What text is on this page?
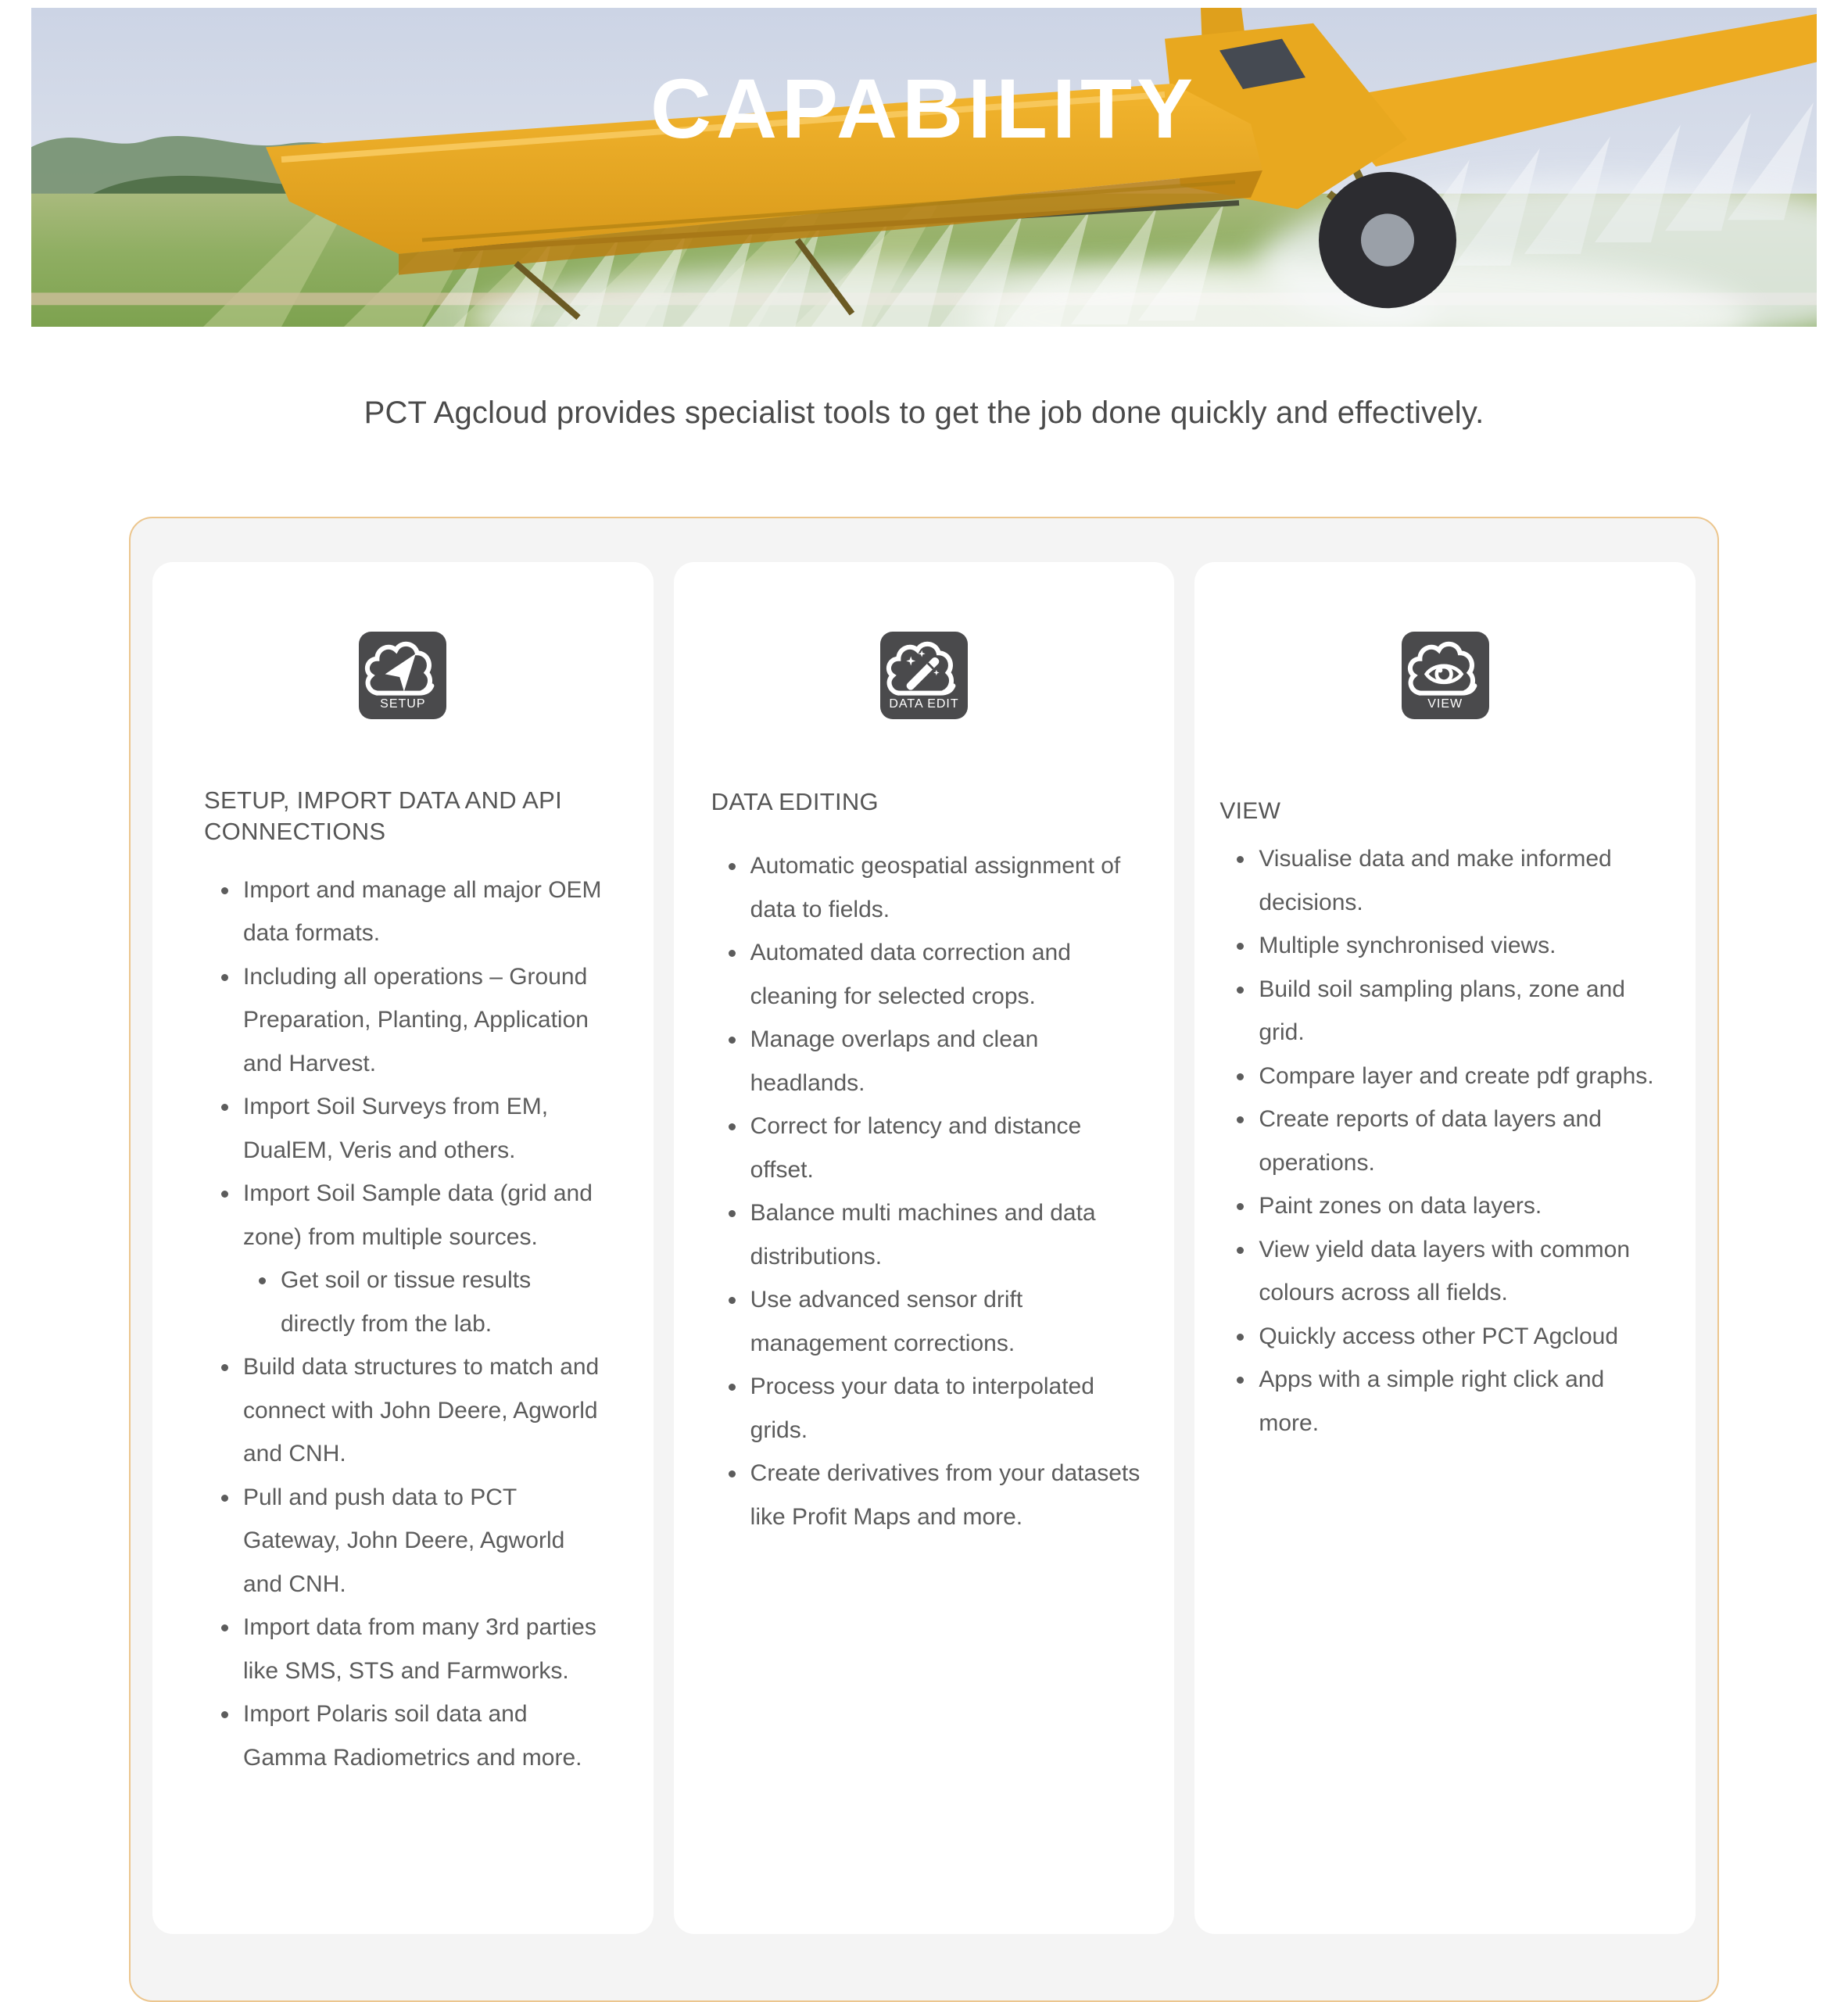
CAPABILITY
PCT Agcloud provides specialist tools to get the job done quickly and effectively.
SETUP
SETUP, IMPORT DATA AND API CONNECTIONS
• Import and manage all major OEM data formats.
• Including all operations – Ground Preparation, Planting, Application and Harvest.
• Import Soil Surveys from EM, DualEM, Veris and others.
• Import Soil Sample data (grid and zone) from multiple sources.
• Get soil or tissue results directly from the lab.
• Build data structures to match and connect with John Deere, Agworld and CNH.
• Pull and push data to PCT Gateway, John Deere, Agworld and CNH.
• Import data from many 3rd parties like SMS, STS and Farmworks.
• Import Polaris soil data and Gamma Radiometrics and more.
DATA EDIT
DATA EDITING
• Automatic geospatial assignment of data to fields.
• Automated data correction and cleaning for selected crops.
• Manage overlaps and clean headlands.
• Correct for latency and distance offset.
• Balance multi machines and data distributions.
• Use advanced sensor drift management corrections.
• Process your data to interpolated grids.
• Create derivatives from your datasets like Profit Maps and more.
VIEW
VIEW
• Visualise data and make informed decisions.
• Multiple synchronised views.
• Build soil sampling plans, zone and grid.
• Compare layer and create pdf graphs.
• Create reports of data layers and operations.
• Paint zones on data layers.
• View yield data layers with common colours across all fields.
• Quickly access other PCT Agcloud
• Apps with a simple right click and more.
